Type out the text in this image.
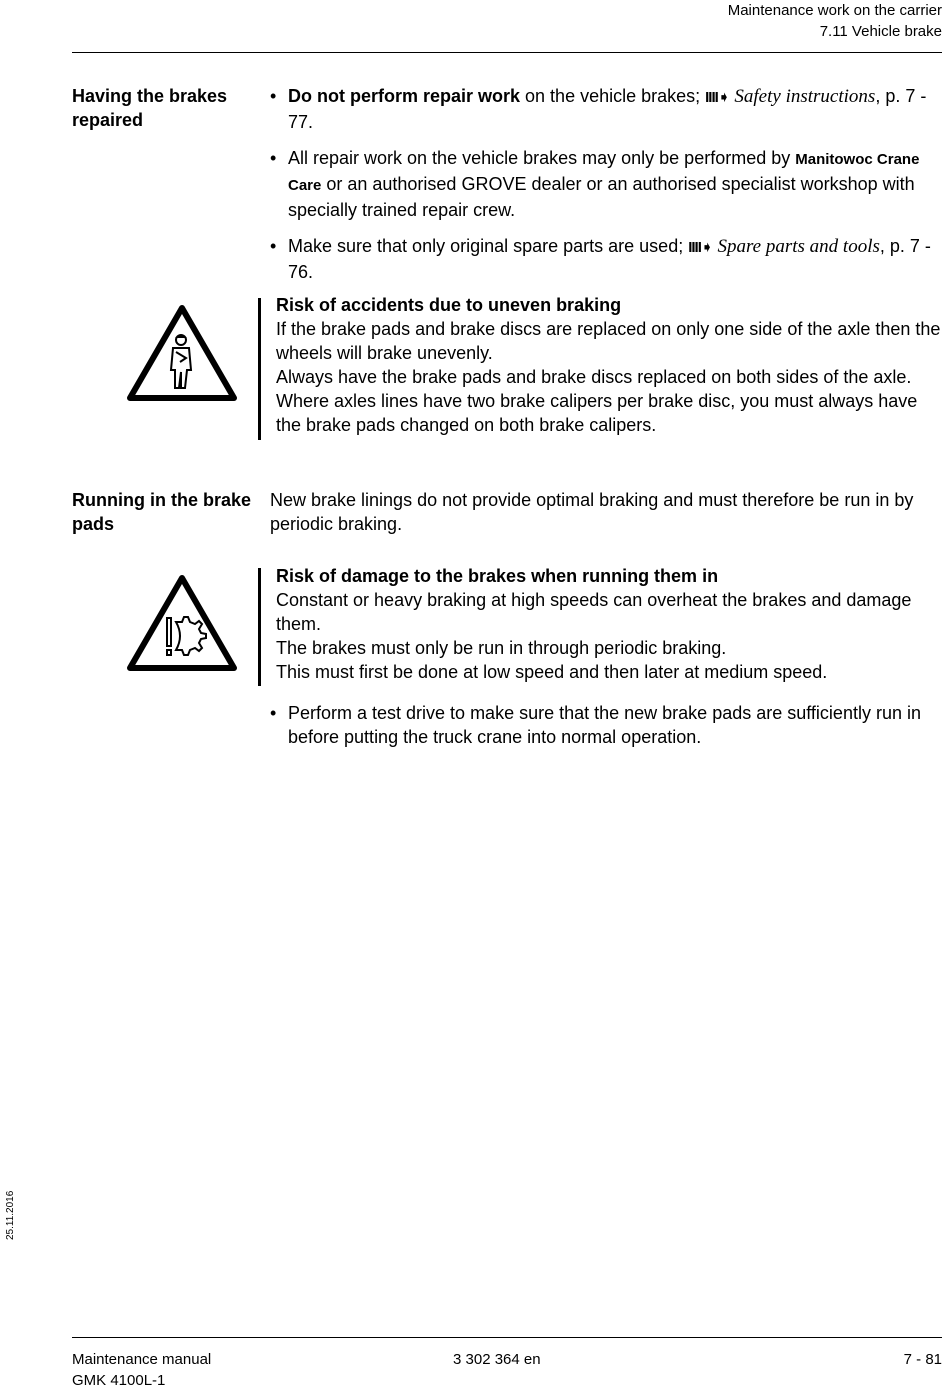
Maintenance work on the carrier
7.11 Vehicle brake
Having the brakes repaired
• Do not perform repair work on the vehicle brakes; IIII➧ Safety instructions, p. 7 - 77.
• All repair work on the vehicle brakes may only be performed by Manitowoc Crane Care or an authorised GROVE dealer or an authorised specialist workshop with specially trained repair crew.
• Make sure that only original spare parts are used; IIII➧ Spare parts and tools, p. 7 - 76.
Risk of accidents due to uneven braking
If the brake pads and brake discs are replaced on only one side of the axle then the wheels will brake unevenly.
Always have the brake pads and brake discs replaced on both sides of the axle. Where axles lines have two brake calipers per brake disc, you must always have the brake pads changed on both brake calipers.
Running in the brake pads
New brake linings do not provide optimal braking and must therefore be run in by periodic braking.
Risk of damage to the brakes when running them in
Constant or heavy braking at high speeds can overheat the brakes and damage them.
The brakes must only be run in through periodic braking.
This must first be done at low speed and then later at medium speed.
• Perform a test drive to make sure that the new brake pads are sufficiently run in before putting the truck crane into normal operation.
25.11.2016
Maintenance manual
GMK 4100L-1
3 302 364 en	7 - 81
